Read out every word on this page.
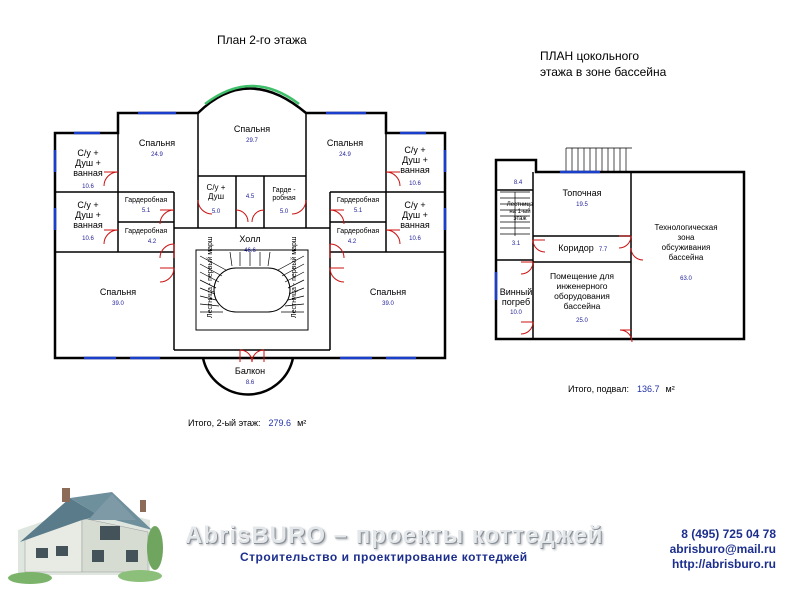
План 2-го этажа
ПЛАН цокольного
этажа в зоне бассейна
Спальня
29.7
Спальня
24.9
Спальня
24.9
С/у + Душ + ванная
10.6
С/у + Душ + ванная
10.6
С/у + Душ + ванная
10.6
С/у + Душ + ванная
10.6
Гардеробная
5.1
Гардеробная
5.1
Гардеробная
4.2
Гардеробная
4.2
С/у + Душ
5.0
4.5
Гарде -робная
5.0
Холл
46.6
Спальня
39.0
Спальня
39.0
Балкон
8.6
Лестница - первый марш	Лестница - первый марш
Топочная
19.5
Технологическая зона обсуживания бассейна
63.0
Коридор 7.7
Помещение для инженерного оборудования бассейна
25.0
Винный погреб
10.0
Лестница на 1-ый этаж
3.1
8.4
Итого, 2-ый этаж: 279.6 м²
Итого, подвал: 136.7 м²
AbrisBURO – проекты коттеджей
Строительство и проектирование коттеджей
8 (495) 725 04 78
abrisburo@mail.ru
http://abrisburo.ru
